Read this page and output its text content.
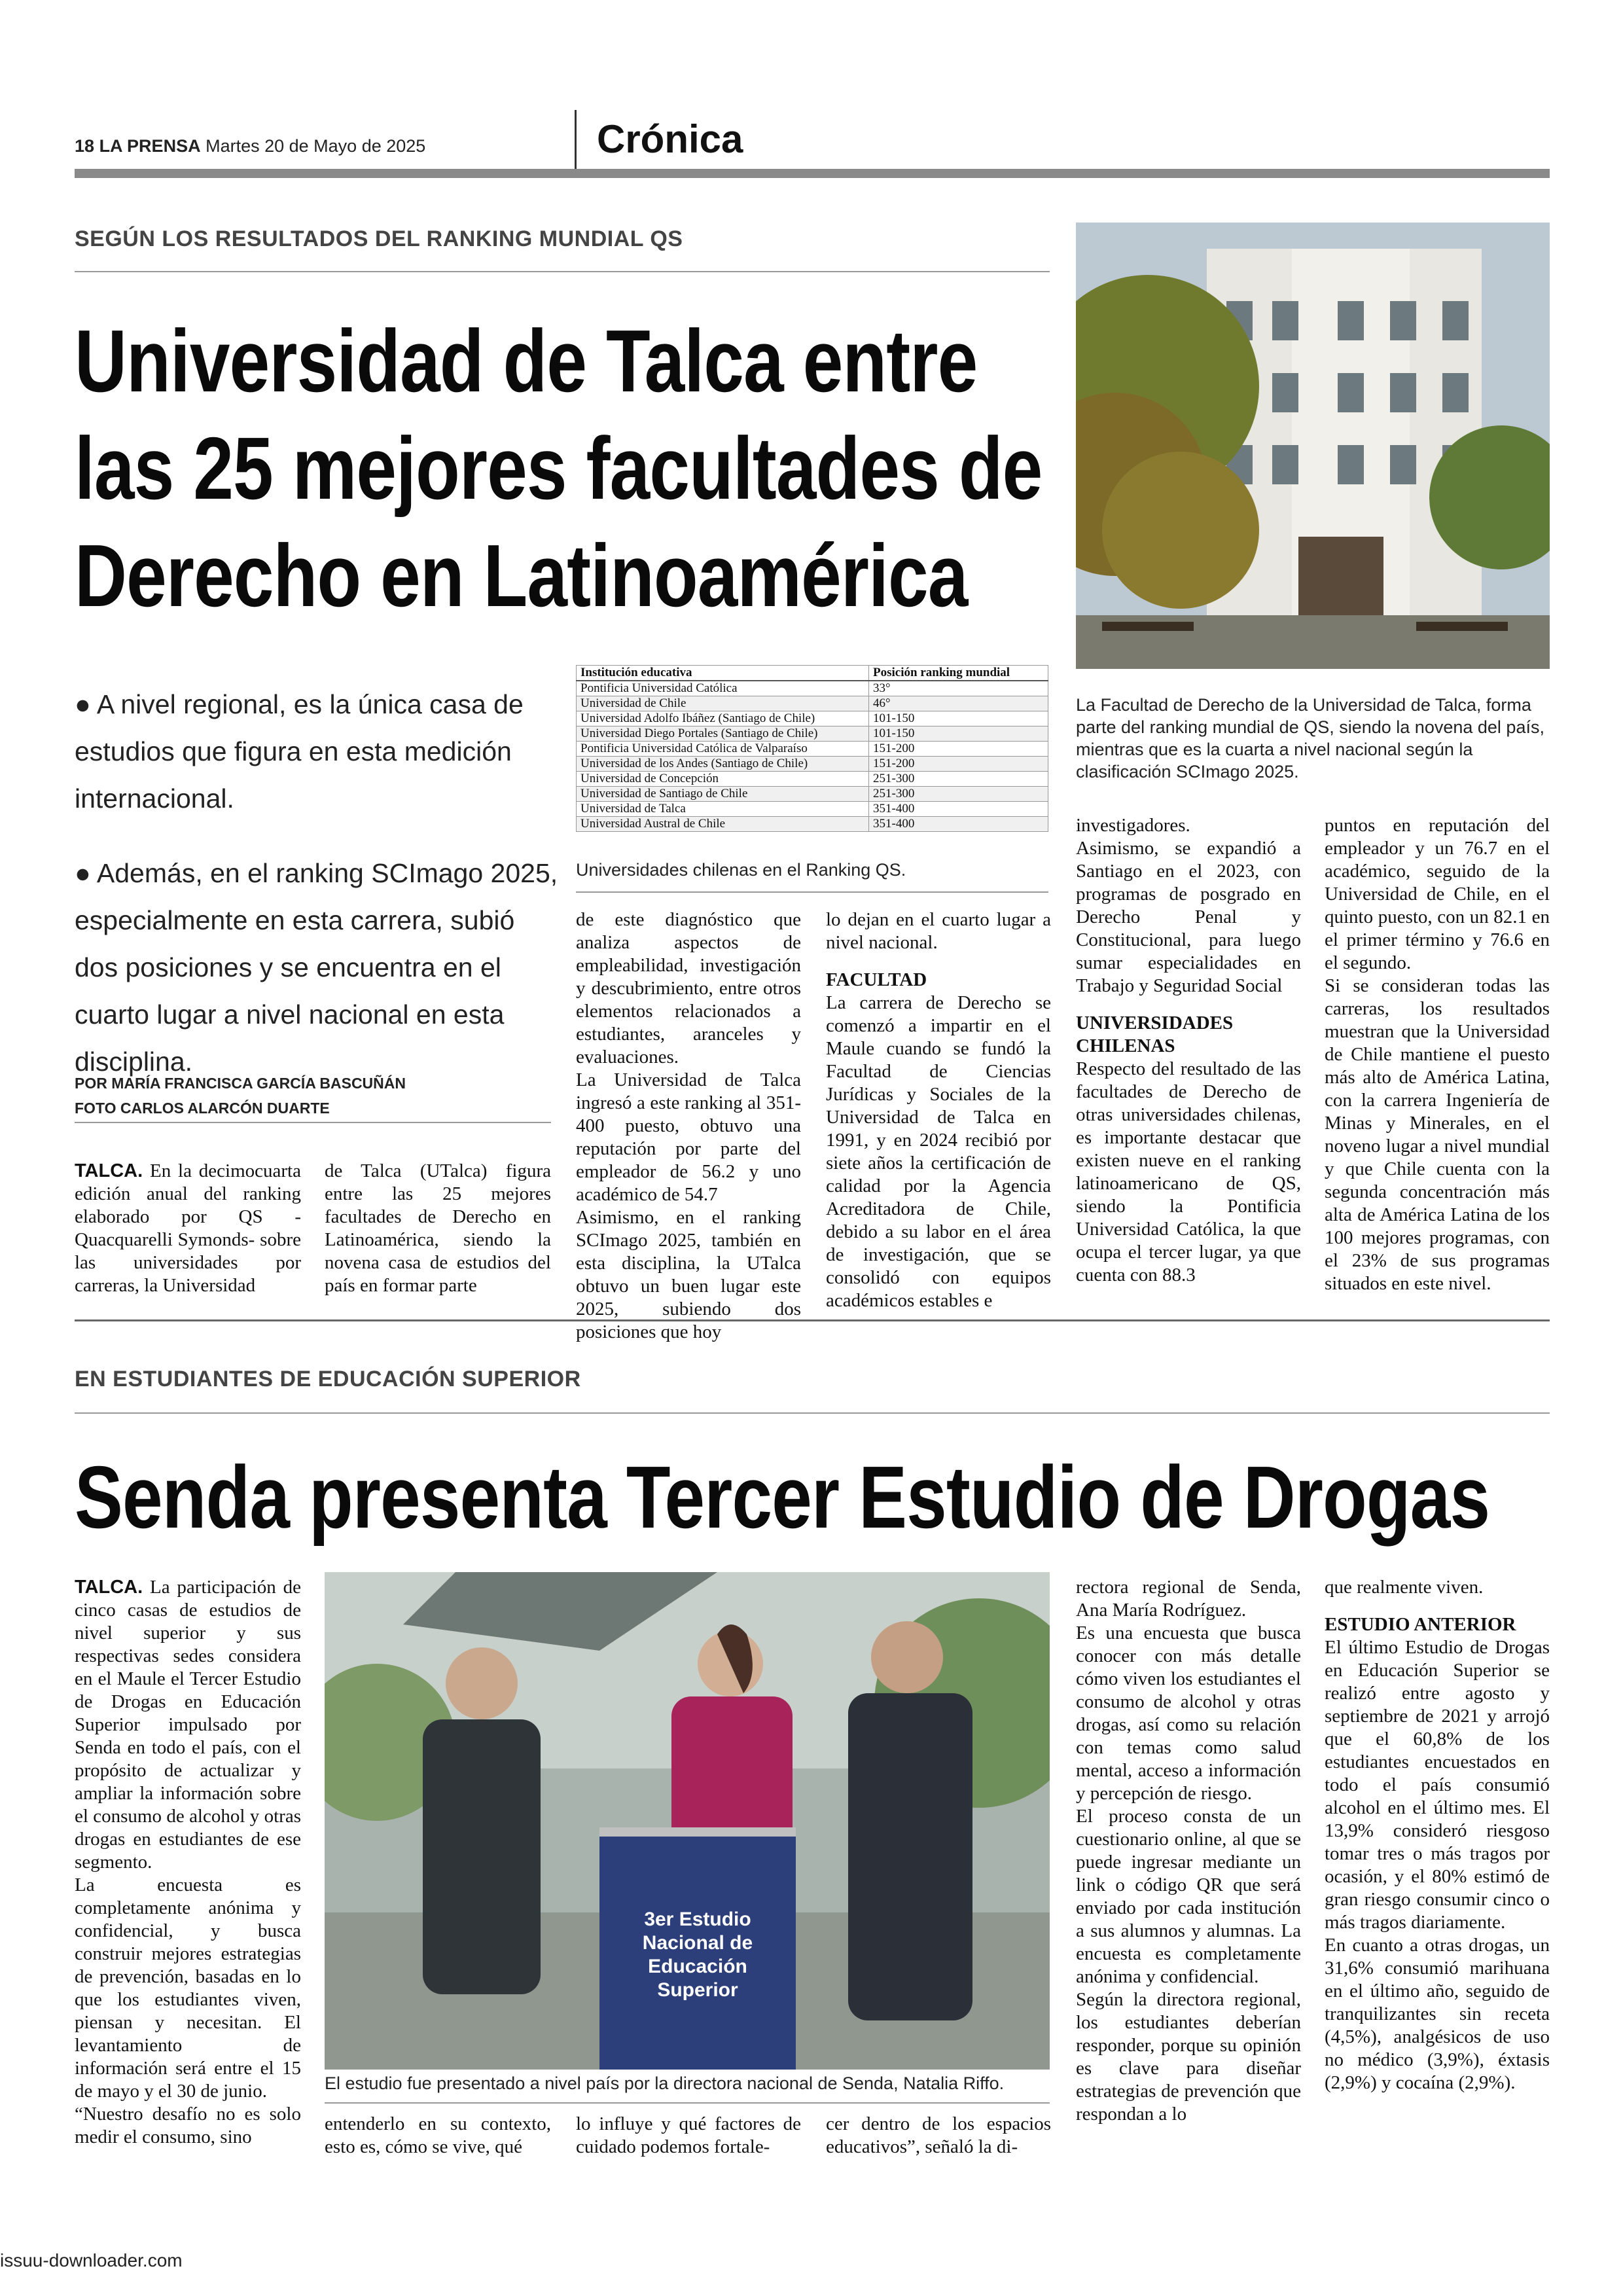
18 LA PRENSA Martes 20 de Mayo de 2025	Crónica
SEGÚN LOS RESULTADOS DEL RANKING MUNDIAL QS
Universidad de Talca entre
las 25 mejores facultades de
Derecho en Latinoamérica
● A nivel regional, es la única casa de estudios que figura en esta medición internacional.
● Además, en el ranking SCImago 2025, especialmente en esta carrera, subió dos posiciones y se encuentra en el cuarto lugar a nivel nacional en esta disciplina.
POR MARÍA FRANCISCA GARCÍA BASCUÑÁN
FOTO CARLOS ALARCÓN DUARTE
Institución educativa	Posición ranking mundial
Pontificia Universidad Católica	33°
Universidad de Chile	46°
Universidad Adolfo Ibáñez (Santiago de Chile)	101-150
Universidad Diego Portales (Santiago de Chile)	101-150
Pontificia Universidad Católica de Valparaíso	151-200
Universidad de los Andes (Santiago de Chile)	151-200
Universidad de Concepción	251-300
Universidad de Santiago de Chile	251-300
Universidad de Talca	351-400
Universidad Austral de Chile	351-400
Universidades chilenas en el Ranking QS.
La Facultad de Derecho de la Universidad de Talca, forma parte del ranking mundial de QS, siendo la novena del país, mientras que es la cuarta a nivel nacional según la clasificación SCImago 2025.

TALCA. En la decimocuarta edición anual del ranking elaborado por QS -Quacquarelli Symonds- sobre las universidades por carreras, la Universidad

de Talca (UTalca) figura entre las 25 mejores facultades de Derecho en Latinoamérica, siendo la novena casa de estudios del país en formar parte

de este diagnóstico que analiza aspectos de empleabilidad, investigación y descubrimiento, entre otros elementos relacionados a estudiantes, aranceles y evaluaciones.

La Universidad de Talca ingresó a este ranking al 351-400 puesto, obtuvo una reputación por parte del empleador de 56.2 y uno académico de 54.7

Asimismo, en el ranking SCImago 2025, también en esta disciplina, la UTalca obtuvo un buen lugar este 2025, subiendo dos posiciones que hoy

lo dejan en el cuarto lugar a nivel nacional.

FACULTAD

La carrera de Derecho se comenzó a impartir en el Maule cuando se fundó la Facultad de Ciencias Jurídicas y Sociales de la Universidad de Talca en 1991, y en 2024 recibió por siete años la certificación de calidad por la Agencia Acreditadora de Chile, debido a su labor en el área de investigación, que se consolidó con equipos académicos estables e

investigadores.

Asimismo, se expandió a Santiago en el 2023, con programas de posgrado en Derecho Penal y Constitucional, para luego sumar especialidades en Trabajo y Seguridad Social

UNIVERSIDADES CHILENAS

Respecto del resultado de las facultades de Derecho de otras universidades chilenas, es importante destacar que existen nueve en el ranking latinoamericano de QS, siendo la Pontificia Universidad Católica, la que ocupa el tercer lugar, ya que cuenta con 88.3

puntos en reputación del empleador y un 76.7 en el académico, seguido de la Universidad de Chile, en el quinto puesto, con un 82.1 en el primer término y 76.6 en el segundo.

Si se consideran todas las carreras, los resultados muestran que la Universidad de Chile mantiene el puesto más alto de América Latina, con la carrera Ingeniería de Minas y Minerales, en el noveno lugar a nivel mundial y que Chile cuenta con la segunda concentración más alta de América Latina de los 100 mejores programas, con el 23% de sus programas situados en este nivel.

EN ESTUDIANTES DE EDUCACIÓN SUPERIOR
Senda presenta Tercer Estudio de Drogas
3er Estudio
Nacional de
Educación
Superior
El estudio fue presentado a nivel país por la directora nacional de Senda, Natalia Riffo.

TALCA. La participación de cinco casas de estudios de nivel superior y sus respectivas sedes considera en el Maule el Tercer Estudio de Drogas en Educación Superior impulsado por Senda en todo el país, con el propósito de actualizar y ampliar la información sobre el consumo de alcohol y otras drogas en estudiantes de ese segmento.

La encuesta es completamente anónima y confidencial, y busca construir mejores estrategias de prevención, basadas en lo que los estudiantes viven, piensan y necesitan. El levantamiento de información será entre el 15 de mayo y el 30 de junio.

“Nuestro desafío no es solo medir el consumo, sino

entenderlo en su contexto, esto es, cómo se vive, qué

lo influye y qué factores de cuidado podemos fortale-

cer dentro de los espacios educativos”, señaló la di-

rectora regional de Senda, Ana María Rodríguez.

Es una encuesta que busca conocer con más detalle cómo viven los estudiantes el consumo de alcohol y otras drogas, así como su relación con temas como salud mental, acceso a información y percepción de riesgo.

El proceso consta de un cuestionario online, al que se puede ingresar mediante un link o código QR que será enviado por cada institución a sus alumnos y alumnas. La encuesta es completamente anónima y confidencial.

Según la directora regional, los estudiantes deberían responder, porque su opinión es clave para diseñar estrategias de prevención que respondan a lo

que realmente viven.

ESTUDIO ANTERIOR

El último Estudio de Drogas en Educación Superior se realizó entre agosto y septiembre de 2021 y arrojó que el 60,8% de los estudiantes encuestados en todo el país consumió alcohol en el último mes. El 13,9% consideró riesgoso tomar tres o más tragos por ocasión, y el 80% estimó de gran riesgo consumir cinco o más tragos diariamente.

En cuanto a otras drogas, un 31,6% consumió marihuana en el último año, seguido de tranquilizantes sin receta (4,5%), analgésicos de uso no médico (3,9%), éxtasis (2,9%) y cocaína (2,9%).

issuu-downloader.com
